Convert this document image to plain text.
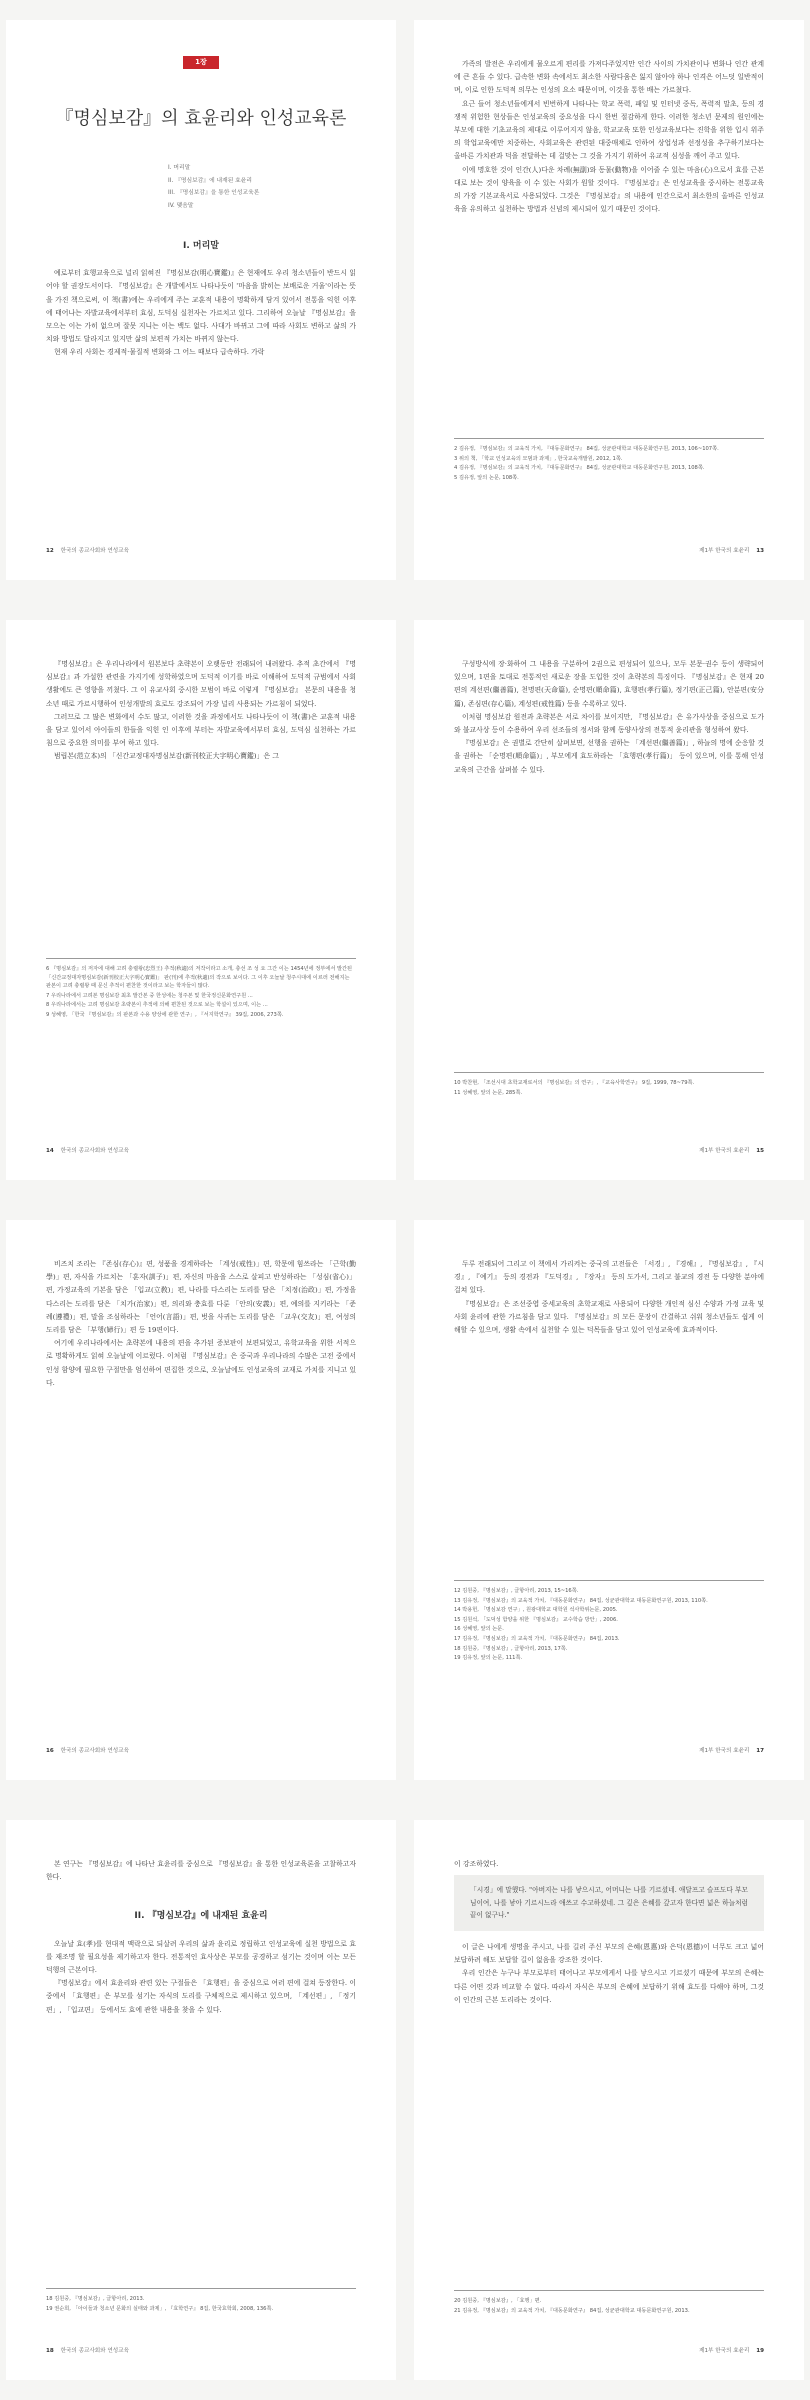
1장
『명심보감』의 효윤리와 인성교육론
I. 머리말
II. 『명심보감』에 내재된 효윤리
III. 『명심보감』을 통한 인성교육론
IV. 맺음말
I. 머리말

예로부터 효행교육으로 널리 읽혀진 『명심보감(明心寶鑑)』은 현재에도 우리 청소년들이 반드시 읽어야 할 권장도서이다. 『명심보감』은 개발에서도 나타나듯이 '마음을 밝히는 보배로운 거울'이라는 뜻을 가진 책으로써, 이 책(書)에는 우리에게 주는 교훈적 내용이 명확하게 담겨 있어서 전통을 익힌 이후에 태어나는 자발교육에서부터 효심, 도덕심 실천자는 가르치고 있다. 그리하여 오늘날 『명심보감』을 모으는 이는 가히 없으며 잘못 지니는 이는 백도 없다. 사대가 바뀌고 그에 따라 사회도 변하고 삶의 가치와 방법도 달라지고 있지만 삶의 보편적 가치는 바뀌지 않는다.

현재 우리 사회는 경제적·물질적 변화와 그 어느 때보다 급속하다. 가락

12 한국의 종교사회와 연성교육

가족의 발전은 우리에게 물오르게 편리를 가져다주었지만 인간 사이의 가치관이나 변화나 인간 관계에 큰 흔들 수 있다. 급속한 변화 속에서도 최소한 사람다움은 잃지 않아야 하나 인격은 어느덧 일반적이며, 이로 인한 도덕적 의무는 인성의 요소 때문이며, 이것을 통한 배는 가르쳤다.

요근 들어 청소년들에게서 빈번하게 나타나는 학교 폭력, 패일 및 인터넷 중독, 폭력적 말초, 등의 경쟁적 위험한 현상들은 인성교육의 중요성을 다시 한번 절감하게 한다. 이러한 청소년 문제의 원인에는 부모에 대한 기초교육의 제대로 이루어지지 않음, 학교교육 또한 인성교육보다는 진학을 위한 입시 위주의 학업교육에만 치중하는, 사회교육은 관련된 대중매체로 인하여 상업성과 선정성을 추구하기보다는 올바른 가치관과 덕을 전달하는 데 걸맞는 그 것을 가지기 위하여 유교적 심성을 깨어 주고 있다.

이에 명호한 것이 인간(人)다운 차례(無副)와 동물(動物)을 이어줄 수 있는 마음(心)으로서 효를 근본 대로 보는 것이 양육을 이 수 있는 사회가 원할 것이다. 『명심보감』은 인성교육을 중시하는 전통교육의 가장 기본교육서로 사용되었다. 그것은 『명심보감』의 내용에 인간으로서 최소한의 올바른 인성교육을 유의하고 실천하는 방법과 신념의 제시되어 있기 때문인 것이다.

2 김유정, 『명심보감』의 교육적 가치, 『대동문화연구』 84집, 성균관대학교 대동문화연구원, 2013, 106~107쪽.
3 위의 책, 「학교 인성교육의 모범과 과제」, 한국교육개발원, 2012, 1쪽.
4 김유정, 『명심보감』의 교육적 가치, 『대동문화연구』 84집, 성균관대학교 대동문화연구원, 2013, 108쪽.
5 김유정, 앞의 논문, 108쪽.
제1부 한국의 효윤리 13

『명심보감』은 우리나라에서 원본보다 초략본이 오랫동안 전래되어 내려왔다. 추적 초간에서 『명심보감』과 가설한 관련을 가지기에 성학하였으며 도덕적 이기를 바로 이해하여 도덕적 규범에서 사회생활에도 큰 영향을 끼쳤다. 그 이 유교사회 중시한 모범이 바로 이렇게 『명심보감』 본문의 내용을 청소년 때로 가르시행하여 인성개발의 효로도 강조되어 가장 널리 사용되는 가르침이 되었다.

그러므로 그 많은 변화에서 수도 많고, 이러한 것을 과정에서도 나타나듯이 이 책(書)은 교훈적 내용을 담고 있어서 아이들의 한들을 익힌 인 이후에 부터는 자발교육에서부터 효심, 도덕심 실천하는 가르침으로 중요한 의미를 부여 하고 있다.

범립본(范立本)의 「신간교정대자명심보감(新刊校正大字明心寶鑑)」은 그

6 『명심보감』의 저자에 대해 고려 충렬왕(忠烈王) 추적(秋適)의 저작이라고 소개, 충선 조 성 요 그간 이는 1454년에 정부에서 발간된 「신간교정대자명심보감(新刊校正大字明心寶鑑)」 판(刊)에 추적(秋適)의 작으로 보이다. 그 이후 오늘날 청주시대에 이르러 전해지는 판본이 고려 충렬왕 때 문신 추적이 편찬한 것이라고 보는 학자들이 많다.
7 우리나라에서 고려본 명심보감 최초 발간본 중 한성에는 청주본 및 한국정신문화연구원 ...
8 우리나라에서는 고려 명심보감 초략본이 추적에 의해 편찬된 것으로 보는 학설이 있으며, 이는 ...
9 성혜영, 「한국 『명심보감』의 판본과 수용 양상에 관한 연구」, 『서지학연구』 39집, 2006, 273쪽.
14 한국의 종교사회와 연성교육

구성방식에 장·화하여 그 내용을 구분하여 2권으로 편성되어 있으나, 모두 본문·권수 등이 생략되어 있으며, 1편을 토대로 전통적인 새로운 장을 도입한 것이 초략본의 특징이다. 『명심보감』은 현재 20편의 계선편(繼善篇), 천명편(天命篇), 순명편(順命篇), 효행편(孝行篇), 정기편(正己篇), 안분편(安分篇), 존심편(存心篇), 계성편(戒性篇) 등을 수록하고 있다.

이처럼 명심보감 원전과 초략본은 서로 차이를 보이지만, 『명심보감』은 유가사상을 중심으로 도가와 불교사상 등이 수용하여 우리 선조들의 정서와 함께 동양사상의 전통적 윤리관을 형성하여 왔다.

『명심보감』은 권별로 간단히 살펴보면, 선행을 권하는 「계선편(繼善篇)」, 하늘의 명에 순응할 것을 권하는 「순명편(順命篇)」, 부모에게 효도하라는 「효행편(孝行篇)」 등이 있으며, 이를 통해 인성교육의 근간을 살펴볼 수 있다.

10 박찬현, 「조선시대 초학교재로서의 『명심보감』의 연구」, 『교육사학연구』 9집, 1999, 78~79쪽.
11 성혜영, 앞의 논문, 285쪽.
제1부 한국의 효윤리 15

비즈치 조리는 『존심(存心)』편, 성품을 경계하라는 「계성(戒性)」편, 학문에 힘쓰라는 「근학(勤學)」편, 자식을 가르치는 「훈자(訓子)」편, 자신의 마음을 스스로 살피고 반성하라는 「성심(省心)」편, 가정교육의 기본을 담은 「입교(立敎)」편, 나라를 다스리는 도리를 담은 「치정(治政)」편, 가정을 다스리는 도리를 담은 「치가(治家)」편, 의리와 충효를 다룬 「안의(安義)」편, 예의를 지키라는 「준례(遵禮)」편, 말을 조심하라는 「언어(言語)」편, 벗을 사귀는 도리를 담은 「교우(交友)」편, 여성의 도리를 담은 「부행(婦行)」편 등 19편이다.

여기에 우리나라에서는 초략본에 내용의 편을 추가된 증보판이 보편되었고, 유학교육을 위한 서적으로 명확하게도 읽혀 오늘날에 이르렀다. 이처럼 『명심보감』은 중국과 우리나라의 수많은 고전 중에서 인성 함양에 필요한 구절만을 엄선하여 편집한 것으로, 오늘날에도 인성교육의 교재로 가치를 지니고 있다.

16 한국의 종교사회와 연성교육

두루 전래되어 그리고 이 책에서 가리켜는 중국의 고전들은 「서경」, 『경해』, 『명심보감』, 『시경』, 『예기』 등의 경전과 『도덕경』, 『장자』 등의 도가서, 그리고 불교의 경전 등 다양한 분야에 걸쳐 있다.

『명심보감』은 조선중엽 중세교육의 초학교재로 사용되어 다양한 개인적 심신 수양과 가정 교육 및 사회 윤리에 관한 가르침을 담고 있다. 『명심보감』의 모든 문장이 간결하고 쉬워 청소년들도 쉽게 이해할 수 있으며, 생활 속에서 실천할 수 있는 덕목들을 담고 있어 인성교육에 효과적이다.

12 김원중, 『명심보감』, 글항아리, 2013, 15~16쪽.
13 김유정, 『명심보감』의 교육적 가치, 『대동문화연구』 84집, 성균관대학교 대동문화연구원, 2013, 110쪽.
14 박용헌, 「명심보감 연구」, 원광대학교 대학원 석사학위논문, 2005.
15 김원석, 「도덕성 함양을 위한 『명심보감』 교수학습 방안」, 2006.
16 성혜영, 앞의 논문.
17 김유정, 『명심보감』의 교육적 가치, 『대동문화연구』 84집, 2013.
18 김원중, 『명심보감』, 글항아리, 2013, 17쪽.
19 김유정, 앞의 논문, 111쪽.
제1부 한국의 효윤리 17

본 연구는 『명심보감』에 나타난 효윤리를 중심으로 『명심보감』을 통한 인성교육론을 고찰하고자 한다.

II. 『명심보감』에 내재된 효윤리

오늘날 효(孝)를 현대적 맥락으로 되살려 우리의 삶과 윤리로 정립하고 인성교육에 실천 방법으로 효를 재조명 할 필요성을 제기하고자 한다. 전통적인 효사상은 부모를 공경하고 섬기는 것이며 이는 모든 덕행의 근본이다.

『명심보감』에서 효윤리와 관련 있는 구절들은 「효행편」을 중심으로 여러 편에 걸쳐 등장한다. 이 중에서 「효행편」은 부모를 섬기는 자식의 도리를 구체적으로 제시하고 있으며, 「계선편」, 「정기편」, 「입교편」 등에서도 효에 관한 내용을 찾을 수 있다.

18 김원중, 『명심보감』, 글항아리, 2013.
19 권순희, 「아이들과 청소년 문화의 실태와 과제」, 『효학연구』 8집, 한국효학회, 2008, 136쪽.
18 한국의 종교사회와 연성교육

이 강조하였다.

「시경」에 말했다. "아버지는 나를 낳으시고, 어머니는 나를 기르셨네. 애달프고 슬프도다 부모님이여, 나를 낳아 기르시느라 애쓰고 수고하셨네. 그 깊은 은혜를 갚고자 한다면 넓은 하늘처럼 끝이 없구나."

이 글은 나에게 생명을 주시고, 나를 길러 주신 부모의 은혜(恩惠)와 은덕(恩德)이 너무도 크고 넓어 보답하려 해도 보답할 길이 없음을 강조한 것이다.

우리 인간은 누구나 부모로부터 태어나고 부모에게서 나를 낳으시고 기르셨기 때문에 부모의 은혜는 다른 어떤 것과 비교할 수 없다. 따라서 자식은 부모의 은혜에 보답하기 위해 효도를 다해야 하며, 그것이 인간의 근본 도리라는 것이다.

20 김원중, 『명심보감』, 「효행」편.
21 김유정, 『명심보감』의 교육적 가치, 『대동문화연구』 84집, 성균관대학교 대동문화연구원, 2013.
제1부 한국의 효윤리 19
